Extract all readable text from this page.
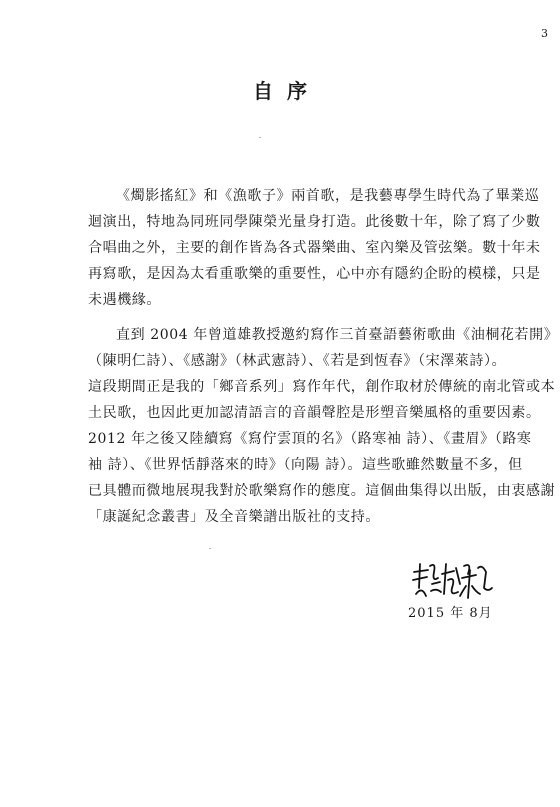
3
自序
《燭影搖紅》和《漁歌子》兩首歌，是我藝專學生時代為了畢業巡
迴演出，特地為同班同學陳榮光量身打造。此後數十年，除了寫了少數
合唱曲之外，主要的創作皆為各式器樂曲、室內樂及管弦樂。數十年未
再寫歌，是因為太看重歌樂的重要性，心中亦有隱約企盼的模樣，只是
未遇機緣。
直到 2004 年曾道雄教授邀約寫作三首臺語藝術歌曲《油桐花若開》
（陳明仁詩）、《感謝》（林武憲詩）、《若是到恆春》（宋澤萊詩）。
這段期間正是我的「鄉音系列」寫作年代，創作取材於傳統的南北管或本
土民歌，也因此更加認清語言的音韻聲腔是形塑音樂風格的重要因素。
2012 年之後又陸續寫《寫佇雲頂的名》（路寒袖 詩）、《畫眉》（路寒
袖 詩）、《世界恬靜落來的時》（向陽 詩）。這些歌雖然數量不多，但
已具體而微地展現我對於歌樂寫作的態度。這個曲集得以出版，由衷感謝
「康誕紀念叢書」及全音樂譜出版社的支持。
2015 年 8月
